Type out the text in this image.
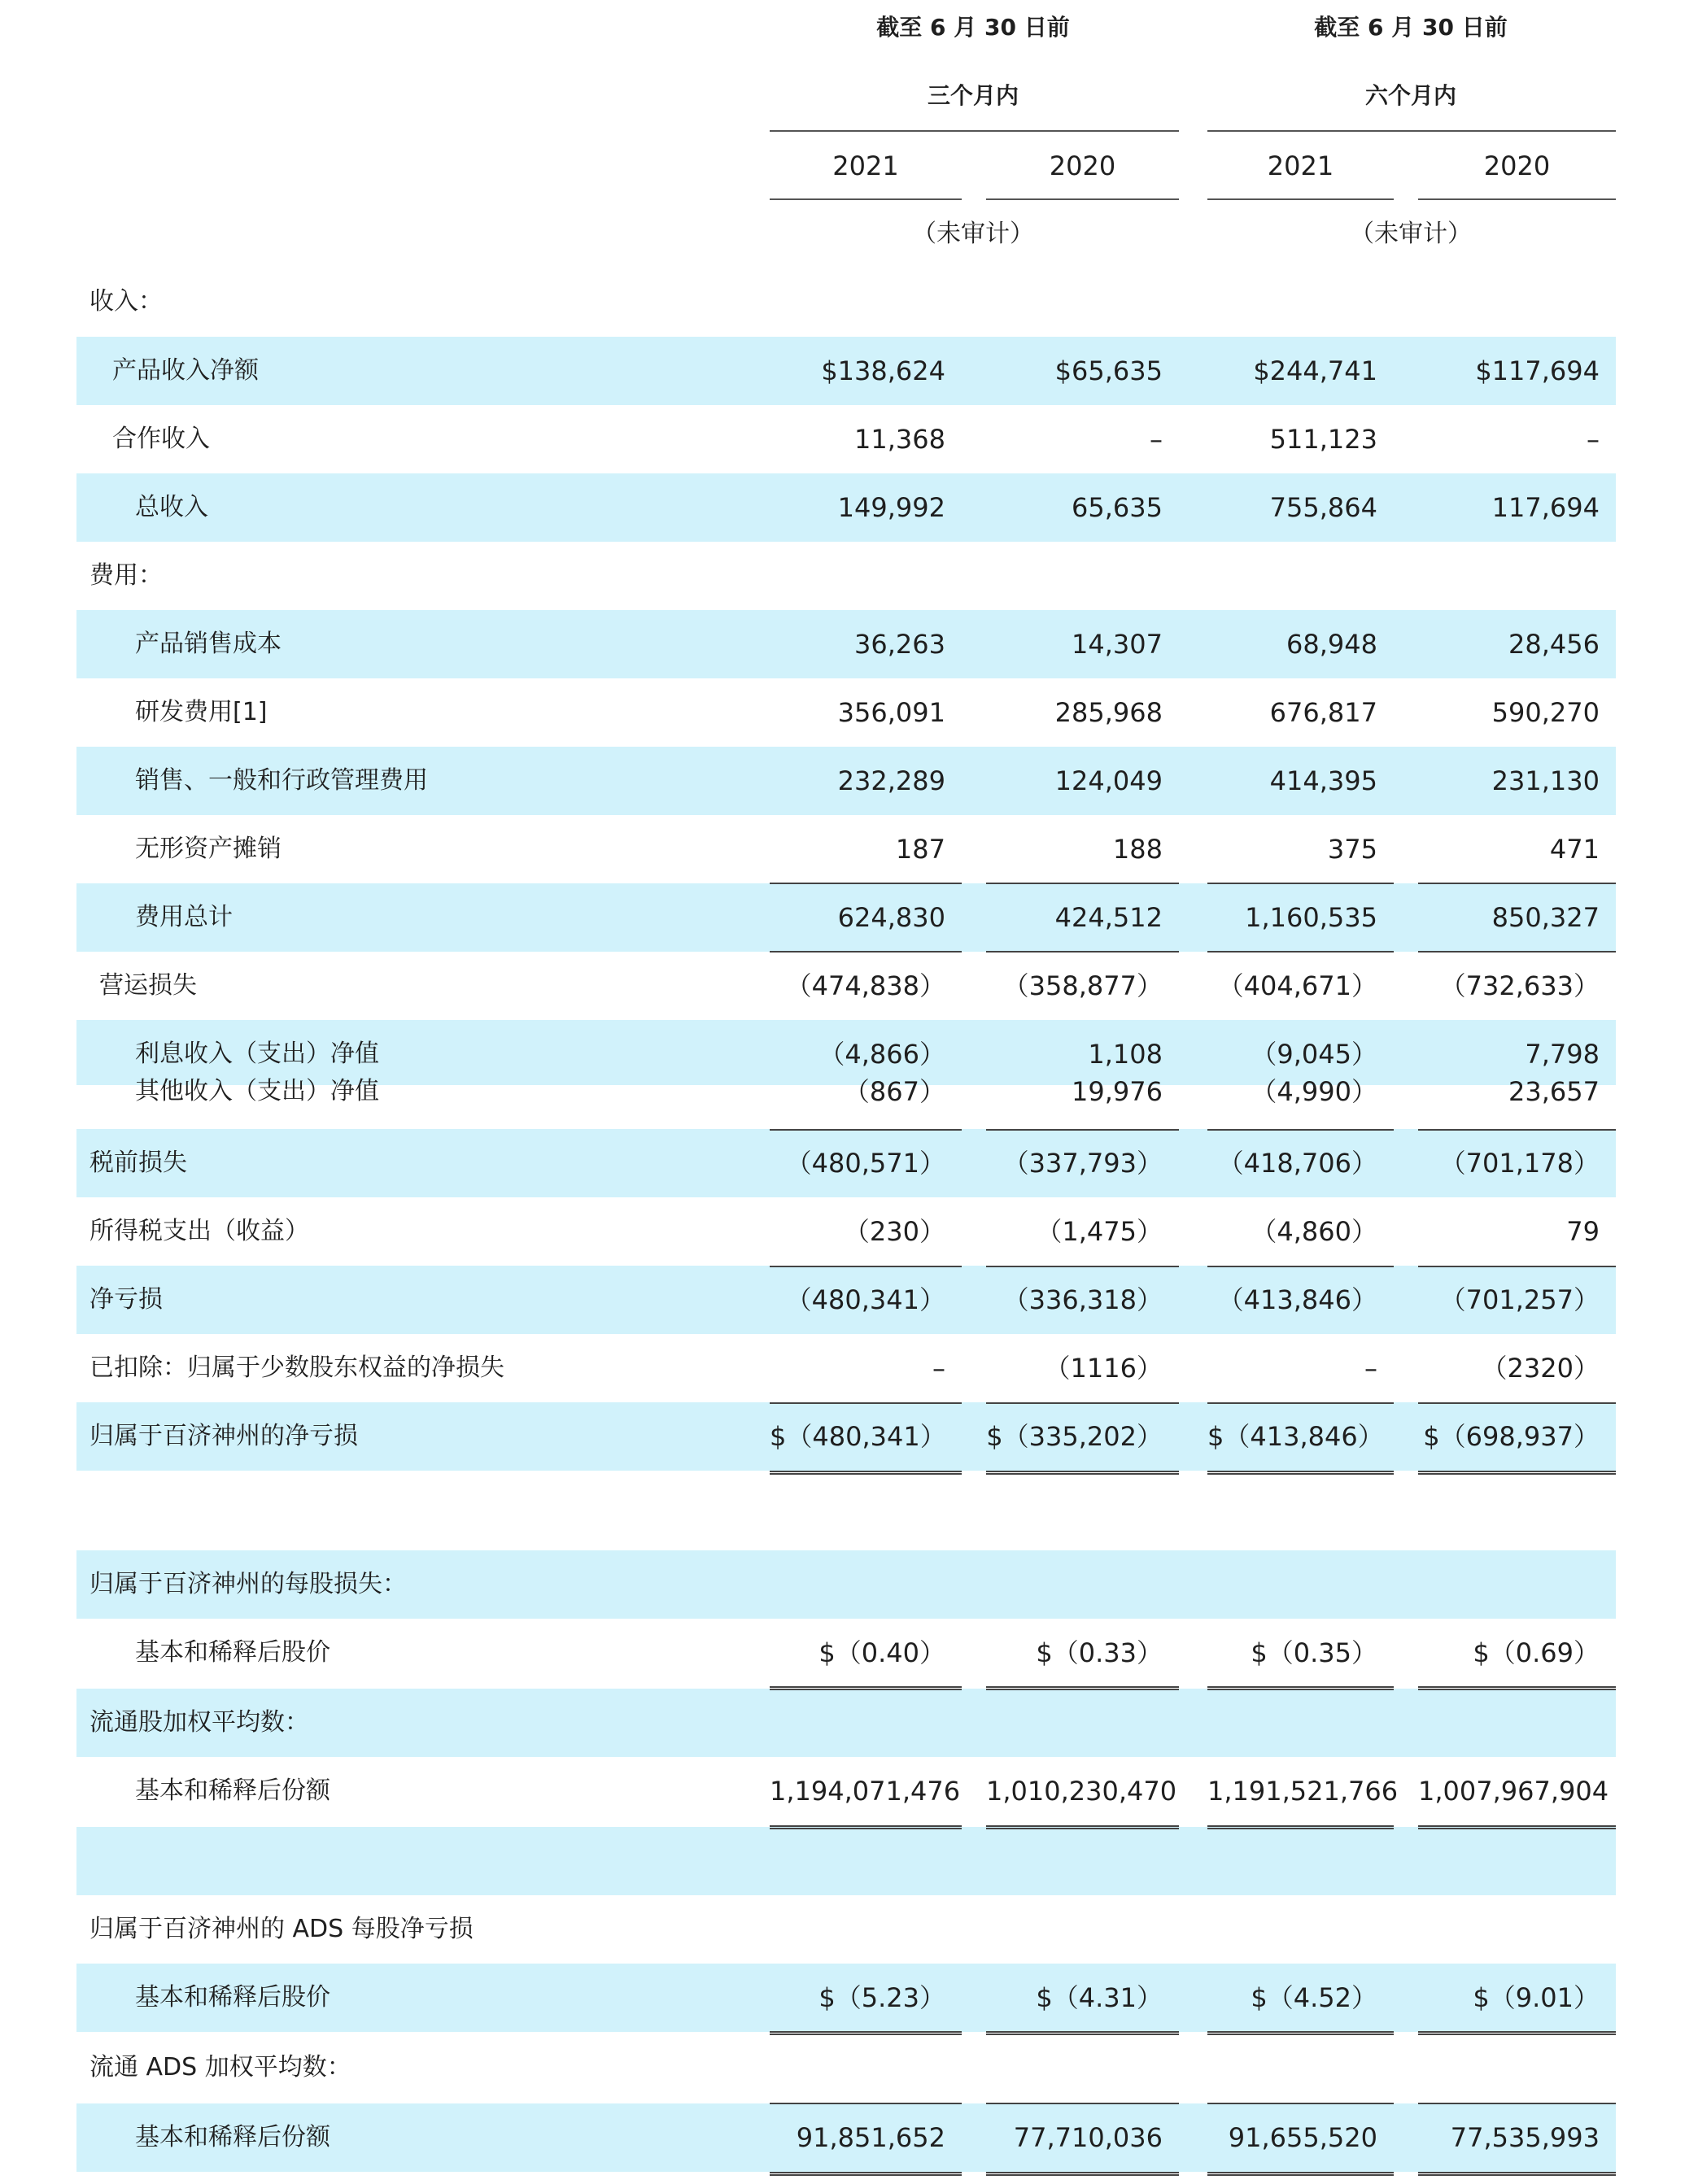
截至 6 月 30 日前	截至 6 月 30 日前
三个月内	六个月内
2021	2020	2021	2020
（未审计）	（未审计）
收入：
产品收入净额	$138,624	$65,635	$244,741	$117,694
合作收入	11,368	–	511,123	–
总收入	149,992	65,635	755,864	117,694
费用：
产品销售成本	36,263	14,307	68,948	28,456
研发费用[1]	356,091	285,968	676,817	590,270
销售、一般和行政管理费用	232,289	124,049	414,395	231,130
无形资产摊销	187	188	375	471
费用总计	624,830	424,512	1,160,535	850,327
营运损失	（474,838）	（358,877）	（404,671）	（732,633）
利息收入（支出）净值	（4,866）	1,108	（9,045）	7,798
其他收入（支出）净值	（867）	19,976	（4,990）	23,657
税前损失	（480,571）	（337,793）	（418,706）	（701,178）
所得税支出（收益）	（230）	（1,475）	（4,860）	79
净亏损	（480,341）	（336,318）	（413,846）	（701,257）
已扣除：归属于少数股东权益的净损失	–	（1116）	–	（2320）
归属于百济神州的净亏损	$（480,341） $（335,202） $（413,846） $（698,937）
归属于百济神州的每股损失：
基本和稀释后股价	$（0.40）	$（0.33）	$（0.35）	$（0.69）
流通股加权平均数：
基本和稀释后份额	1,194,071,476 1,010,230,470 1,191,521,766 1,007,967,904
归属于百济神州的 ADS 每股净亏损
基本和稀释后股价	$（5.23）	$（4.31）	$（4.52）	$（9.01）
流通 ADS 加权平均数：
基本和稀释后份额	91,851,652	77,710,036	91,655,520	77,535,993
